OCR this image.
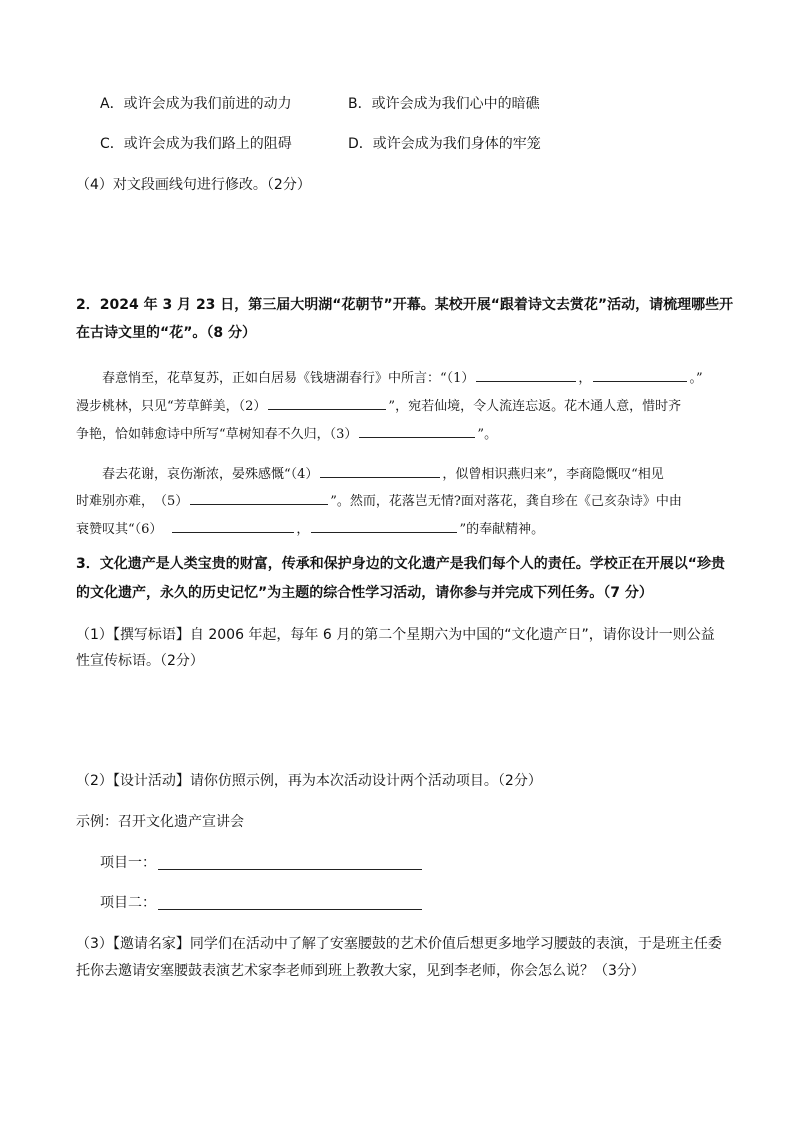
A．或许会成为我们前进的动力	B．或许会成为我们心中的暗礁
C．或许会成为我们路上的阻碍	D．或许会成为我们身体的牢笼
（4）对文段画线句进行修改。（2分）
2．2024 年 3 月 23 日，第三届大明湖“花朝节”开幕。某校开展“跟着诗文去赏花”活动，请梳理哪些开
在古诗文里的“花”。（8 分）
春意悄至，花草复苏，正如白居易《钱塘湖春行》中所言：“（1）	，	。”
漫步桃林，只见“芳草鲜美，（2）	”，宛若仙境，令人流连忘返。花木通人意，惜时齐
争艳，恰如韩愈诗中所写“草树知春不久归，（3）	”。
春去花谢，哀伤渐浓，晏殊感慨“（4）	，似曾相识燕归来”，李商隐慨叹“相见
时难别亦难，　（5）	”。然而，花落岂无情?面对落花，龚自珍在《己亥杂诗》中由
衰赞叹其“（6）	，	”的奉献精神。
3．文化遗产是人类宝贵的财富，传承和保护身边的文化遗产是我们每个人的责任。学校正在开展以“珍贵
的文化遗产，永久的历史记忆”为主题的综合性学习活动，请你参与并完成下列任务。（7 分）
（1）【撰写标语】自 2006 年起，每年 6 月的第二个星期六为中国的“文化遗产日”，请你设计一则公益
性宣传标语。（2分）
（2）【设计活动】请你仿照示例，再为本次活动设计两个活动项目。（2分）
示例：召开文化遗产宣讲会
项目一：
项目二：
（3）【邀请名家】同学们在活动中了解了安塞腰鼓的艺术价值后想更多地学习腰鼓的表演，于是班主任委
托你去邀请安塞腰鼓表演艺术家李老师到班上教教大家，见到李老师，你会怎么说？（3分）
